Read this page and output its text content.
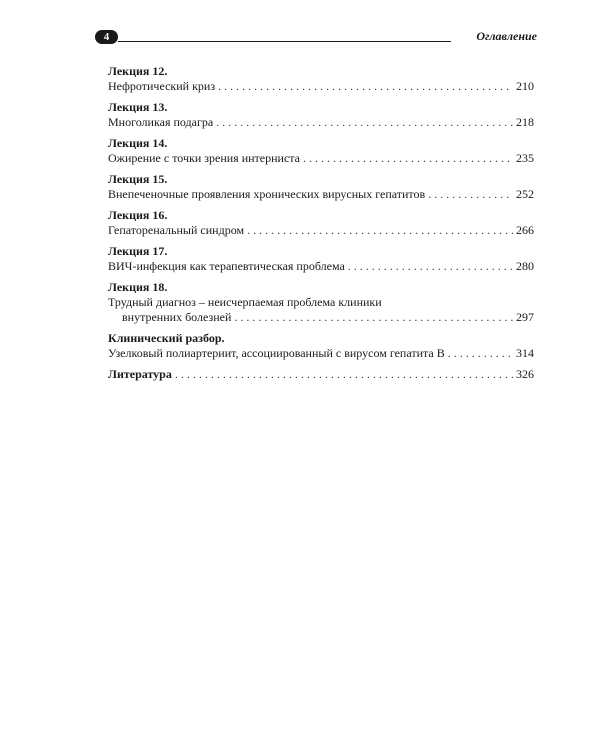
4	Оглавление
Лекция 12.
Нефротический криз . . .	210
Лекция 13.
Многоликая подагра . . .	218
Лекция 14.
Ожирение с точки зрения интерниста . . .	235
Лекция 15.
Внепеченочные проявления хронических вирусных гепатитов . . .	252
Лекция 16.
Гепаторенальный синдром . . .	266
Лекция 17.
ВИЧ-инфекция как терапевтическая проблема . . .	280
Лекция 18.
Трудный диагноз – неисчерпаемая проблема клиники
внутренних болезней . . .	297
Клинический разбор.
Узелковый полиартериит, ассоциированный с вирусом гепатита В . . .	314
Литература . . .	326
